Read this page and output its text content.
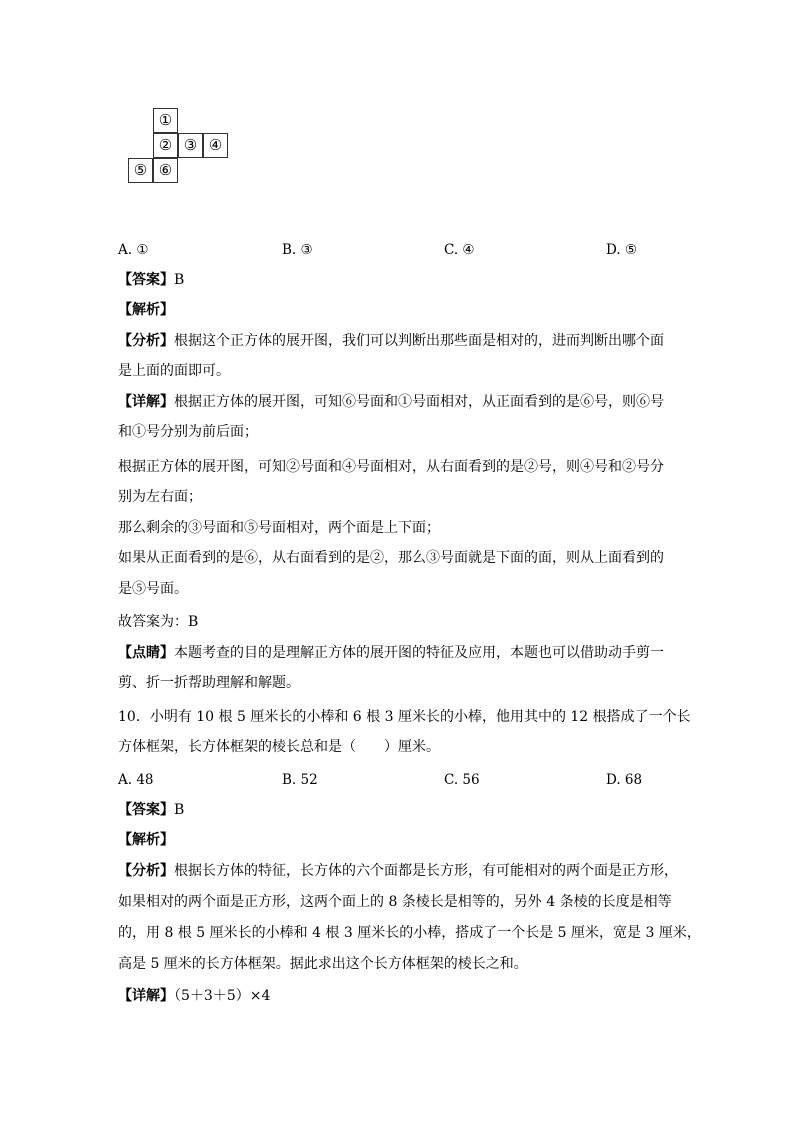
①
② ③ ④
⑤ ⑥
A. ①	B. ③	C. ④	D. ⑤
【答案】B
【解析】
【分析】根据这个正方体的展开图，我们可以判断出那些面是相对的，进而判断出哪个面
是上面的面即可。
【详解】根据正方体的展开图，可知⑥号面和①号面相对，从正面看到的是⑥号，则⑥号
和①号分别为前后面；
根据正方体的展开图，可知②号面和④号面相对，从右面看到的是②号，则④号和②号分
别为左右面；
那么剩余的③号面和⑤号面相对，两个面是上下面；
如果从正面看到的是⑥，从右面看到的是②，那么③号面就是下面的面，则从上面看到的
是⑤号面。
故答案为：B
【点睛】本题考查的目的是理解正方体的展开图的特征及应用，本题也可以借助动手剪一
剪、折一折帮助理解和解题。
10．小明有 10 根 5 厘米长的小棒和 6 根 3 厘米长的小棒，他用其中的 12 根搭成了一个长
方体框架，长方体框架的棱长总和是（　　）厘米。
A. 48	B. 52	C. 56	D. 68
【答案】B
【解析】
【分析】根据长方体的特征，长方体的六个面都是长方形，有可能相对的两个面是正方形，
如果相对的两个面是正方形，这两个面上的 8 条棱长是相等的，另外 4 条棱的长度是相等
的，用 8 根 5 厘米长的小棒和 4 根 3 厘米长的小棒，搭成了一个长是 5 厘米，宽是 3 厘米，
高是 5 厘米的长方体框架。据此求出这个长方体框架的棱长之和。
【详解】（5＋3＋5）×4
